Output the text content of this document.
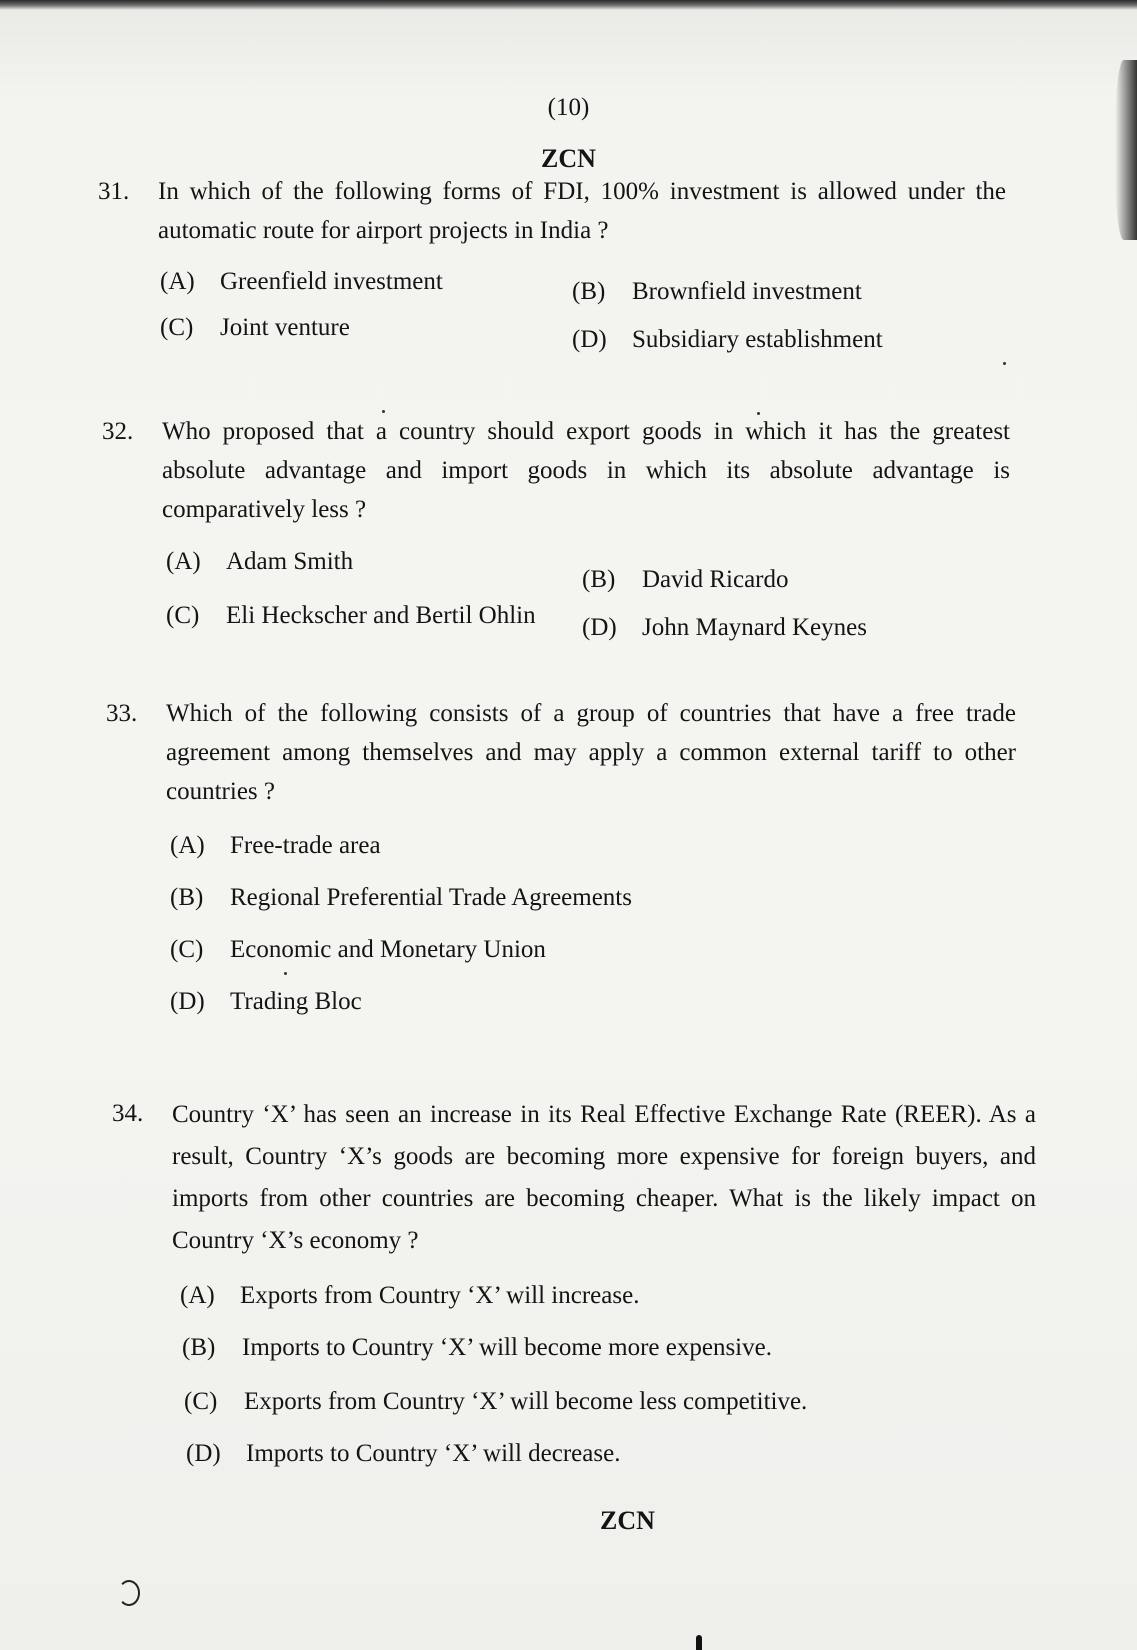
(10)
ZCN
31. In which of the following forms of FDI, 100% investment is allowed under the automatic route for airport projects in India ?
(A) Greenfield investment	(B) Brownfield investment
(C) Joint venture	(D) Subsidiary establishment
32. Who proposed that a country should export goods in which it has the greatest absolute advantage and import goods in which its absolute advantage is comparatively less ?
(A) Adam Smith
(B) David Ricardo
(C) Eli Heckscher and Bertil Ohlin (D) John Maynard Keynes
33. Which of the following consists of a group of countries that have a free trade agreement among themselves and may apply a common external tariff to other countries ?
(A) Free-trade area
(B) Regional Preferential Trade Agreements
(C) Economic and Monetary Union
(D) Trading Bloc
34. Country ‘X’ has seen an increase in its Real Effective Exchange Rate (REER). As a result, Country ‘X’s goods are becoming more expensive for foreign buyers, and imports from other countries are becoming cheaper. What is the likely impact on Country ‘X’s economy ?
(A) Exports from Country ‘X’ will increase.
(B) Imports to Country ‘X’ will become more expensive.
(C) Exports from Country ‘X’ will become less competitive.
(D) Imports to Country ‘X’ will decrease.
ZCN
